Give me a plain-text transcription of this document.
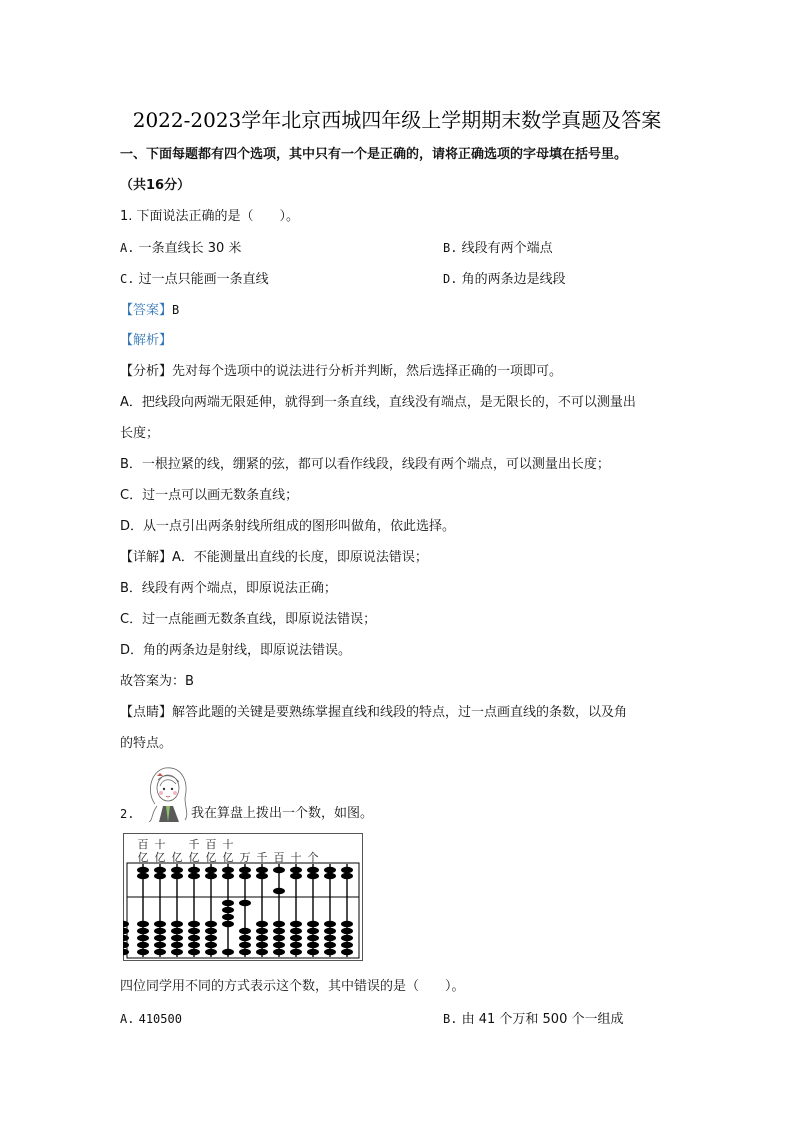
2022-2023学年北京西城四年级上学期期末数学真题及答案
一、下面每题都有四个选项，其中只有一个是正确的，请将正确选项的字母填在括号里。
（共16分）
1. 下面说法正确的是（　　）。
A. 一条直线长 30 米	B. 线段有两个端点
C. 过一点只能画一条直线	D. 角的两条边是线段
【答案】B
【解析】
【分析】先对每个选项中的说法进行分析并判断，然后选择正确的一项即可。
A．把线段向两端无限延伸，就得到一条直线，直线没有端点，是无限长的，不可以测量出
长度；
B．一根拉紧的线，绷紧的弦，都可以看作线段，线段有两个端点，可以测量出长度；
C．过一点可以画无数条直线；
D．从一点引出两条射线所组成的图形叫做角，依此选择。
【详解】A．不能测量出直线的长度，即原说法错误；
B．线段有两个端点，即原说法正确；
C．过一点能画无数条直线，即原说法错误；
D．角的两条边是射线，即原说法错误。
故答案为：B
【点睛】解答此题的关键是要熟练掌握直线和线段的特点，过一点画直线的条数，以及角
的特点。
2.	我在算盘上拨出一个数，如图。
百 十 千 百 十
亿 亿 亿 亿 亿 亿 万 千 百 十 个
四位同学用不同的方式表示这个数，其中错误的是（　　）。
A. 410500	B. 由 41 个万和 500 个一组成
